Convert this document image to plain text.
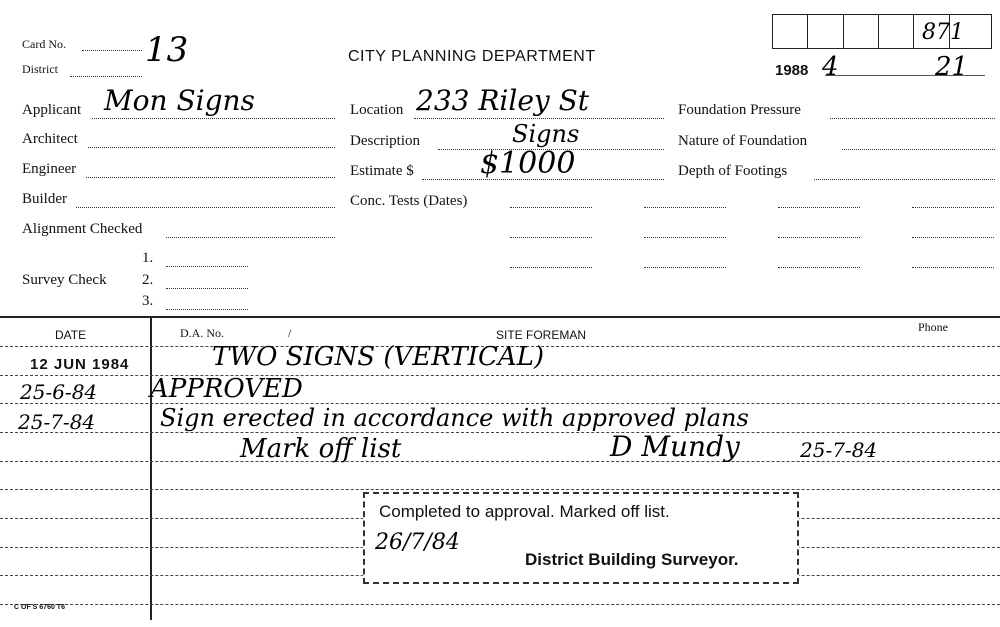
Card No. 13
District
CITY PLANNING DEPARTMENT
871
1988 4	21
Applicant Mon Signs
Architect
Engineer
Builder
Alignment Checked
Survey Check
1.
2.
3.
Location 233 Riley St
Description	Signs
Estimate $ $1000
Conc. Tests (Dates)
Foundation Pressure
Nature of Foundation
Depth of Footings
DATE	D.A. No.	/	SITE FOREMAN
Phone
12 JUN 1984	TWO SIGNS (VERTICAL)
25-6-84 APPROVED
25-7-84	Sign erected in accordance with approved plans
Mark off list	D Mundy	25-7-84
Completed to approval. Marked off list.
26/7/84
District Building Surveyor.
C OF S 6760 T6
